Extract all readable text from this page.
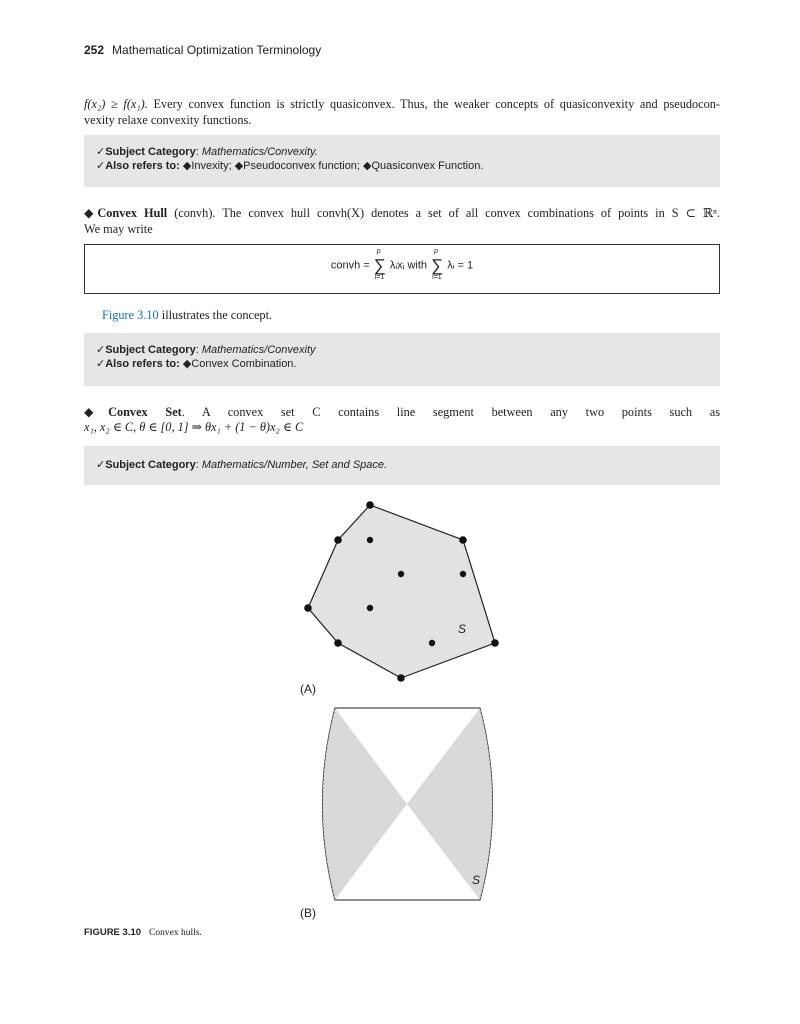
252 Mathematical Optimization Terminology
f(x₂) ≥ f(x₁). Every convex function is strictly quasiconvex. Thus, the weaker concepts of quasiconvexity and pseudocon-
vexity relaxe convexity functions.
✓Subject Category: Mathematics/Convexity.
✓Also refers to: ◆Invexity; ◆Pseudoconvex function; ◆Quasiconvex Function.
◆Convex Hull (convh). The convex hull convh(X) denotes a set of all convex combinations of points in S ⊂ ℝⁿ.
We may write
convh = ∑
p
i=1
λᵢxᵢ with ∑
p
i=1
λᵢ = 1
Figure 3.10 illustrates the concept.
✓Subject Category: Mathematics/Convexity
✓Also refers to: ◆Convex Combination.
◆Convex Set. A convex set C contains line segment between any two points such as
x₁, x₂ ∈ C, θ ∈ [0, 1] ⇒ θx₁ + (1 − θ)x₂ ∈ C
✓Subject Category: Mathematics/Number, Set and Space.
S
(A)
S
(B)
FIGURE 3.10 Convex hulls.
